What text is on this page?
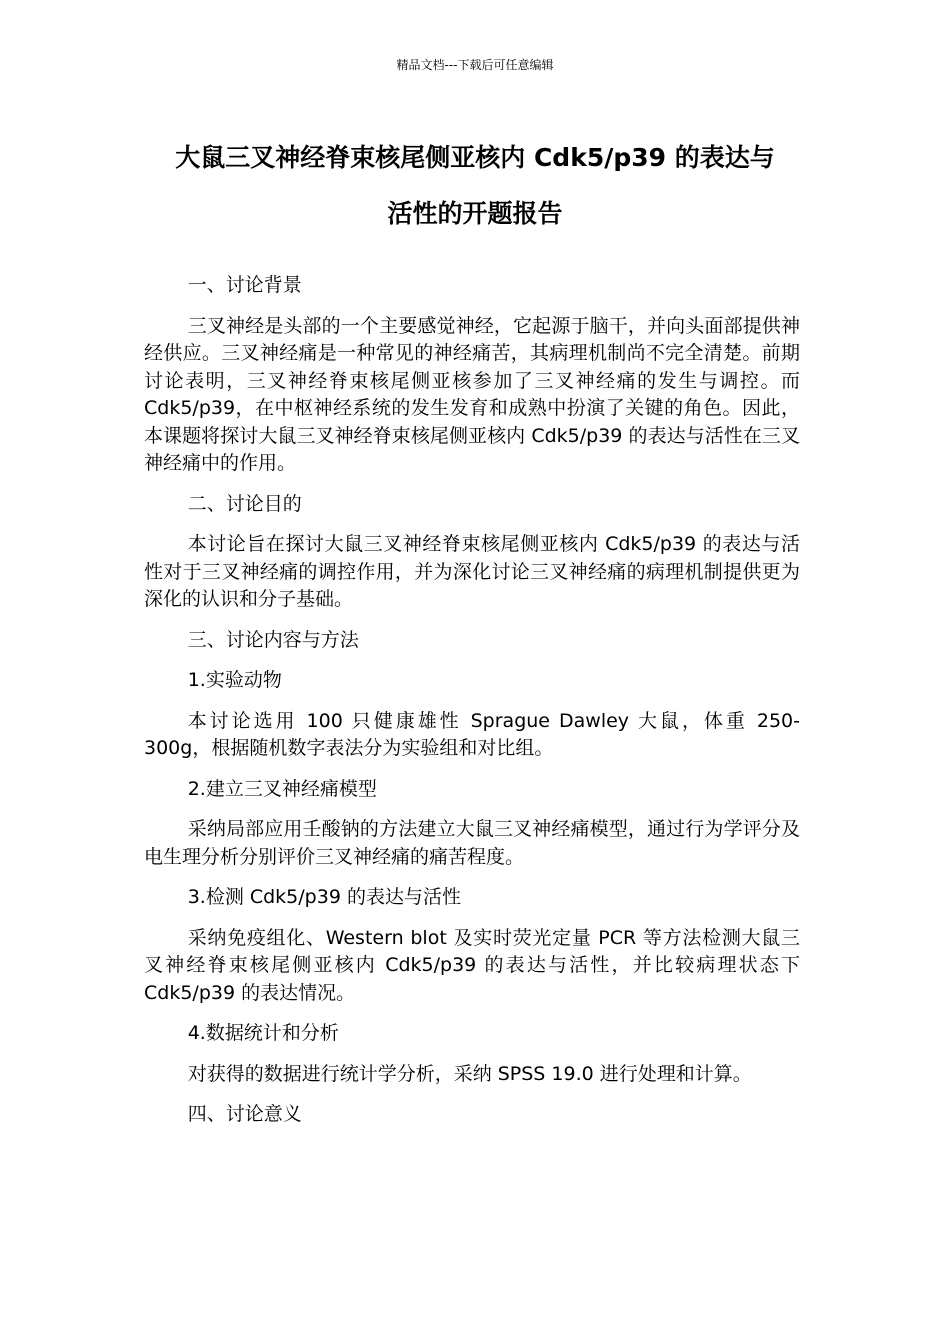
精品文档---下载后可任意编辑
大鼠三叉神经脊束核尾侧亚核内 Cdk5/p39 的表达与
活性的开题报告

一、讨论背景

三叉神经是头部的一个主要感觉神经，它起源于脑干，并向头面部提供神经供应。三叉神经痛是一种常见的神经痛苦，其病理机制尚不完全清楚。前期讨论表明，三叉神经脊束核尾侧亚核参加了三叉神经痛的发生与调控。而 Cdk5/p39，在中枢神经系统的发生发育和成熟中扮演了关键的角色。因此，本课题将探讨大鼠三叉神经脊束核尾侧亚核内 Cdk5/p39 的表达与活性在三叉神经痛中的作用。

二、讨论目的

本讨论旨在探讨大鼠三叉神经脊束核尾侧亚核内 Cdk5/p39 的表达与活性对于三叉神经痛的调控作用，并为深化讨论三叉神经痛的病理机制提供更为深化的认识和分子基础。

三、讨论内容与方法

1.实验动物

本讨论选用 100 只健康雄性 Sprague Dawley 大鼠，体重 250-300g，根据随机数字表法分为实验组和对比组。

2.建立三叉神经痛模型

采纳局部应用壬酸钠的方法建立大鼠三叉神经痛模型，通过行为学评分及电生理分析分别评价三叉神经痛的痛苦程度。

3.检测 Cdk5/p39 的表达与活性

采纳免疫组化、Western blot 及实时荧光定量 PCR 等方法检测大鼠三叉神经脊束核尾侧亚核内 Cdk5/p39 的表达与活性，并比较病理状态下 Cdk5/p39 的表达情况。

4.数据统计和分析

对获得的数据进行统计学分析，采纳 SPSS 19.0 进行处理和计算。

四、讨论意义
